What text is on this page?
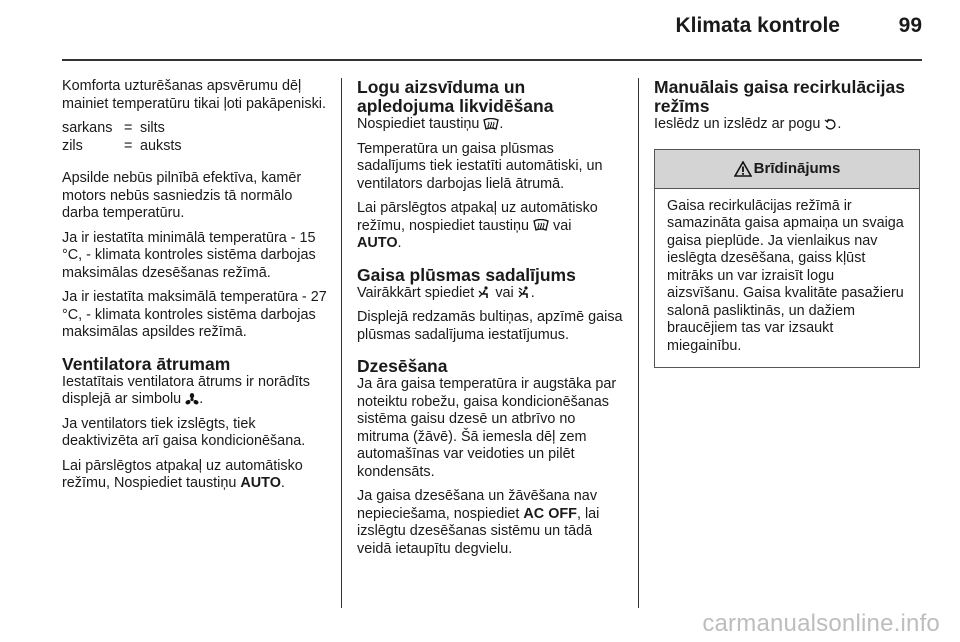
Klimata kontrole	99

Komforta uzturēšanas apsvērumu dēļ mainiet temperatūru tikai ļoti pakāpeniski.

sarkans = silts
zils	= auksts

Apsilde nebūs pilnībā efektīva, kamēr motors nebūs sasniedzis tā normālo darba temperatūru.

Ja ir iestatīta minimālā temperatūra - 15 °C, - klimata kontroles sistēma darbojas maksimālas dzesēšanas režīmā.

Ja ir iestatīta maksimālā temperatūra - 27 °C, - klimata kontroles sistēma darbojas maksimālas apsildes režīmā.

Ventilatora ātrumam

Iestatītais ventilatora ātrums ir norādīts displejā ar simbolu .

Ja ventilators tiek izslēgts, tiek deaktivizēta arī gaisa kondicionēšana.

Lai pārslēgtos atpakaļ uz automātisko režīmu, Nospiediet taustiņu AUTO.

Logu aizsvīduma un apledojuma likvidēšana

Nospiediet taustiņu .

Temperatūra un gaisa plūsmas sadalījums tiek iestatīti automātiski, un ventilators darbojas lielā ātrumā.

Lai pārslēgtos atpakaļ uz automātisko režīmu, nospiediet taustiņu vai
AUTO.

Gaisa plūsmas sadalījums

Vairākkārt spiediet vai .

Displejā redzamās bultiņas, apzīmē gaisa plūsmas sadalījuma iestatījumus.

Dzesēšana

Ja āra gaisa temperatūra ir augstāka par noteiktu robežu, gaisa kondicionēšanas sistēma gaisu dzesē un atbrīvo no mitruma (žāvē). Šā iemesla dēļ zem automašīnas var veidoties un pilēt kondensāts.

Ja gaisa dzesēšana un žāvēšana nav nepieciešama, nospiediet AC OFF, lai izslēgtu dzesēšanas sistēmu un tādā veidā ietaupītu degvielu.

Manuālais gaisa recirkulācijas režīms

Ieslēdz un izslēdz ar pogu .

Brīdinājums
Gaisa recirkulācijas režīmā ir samazināta gaisa apmaiņa un svaiga gaisa pieplūde. Ja vienlaikus nav ieslēgta dzesēšana, gaiss kļūst mitrāks un var izraisīt logu aizsvīšanu. Gaisa kvalitāte pasažieru salonā pasliktinās, un dažiem braucējiem tas var izsaukt miegainību.
carmanualsonline.info
